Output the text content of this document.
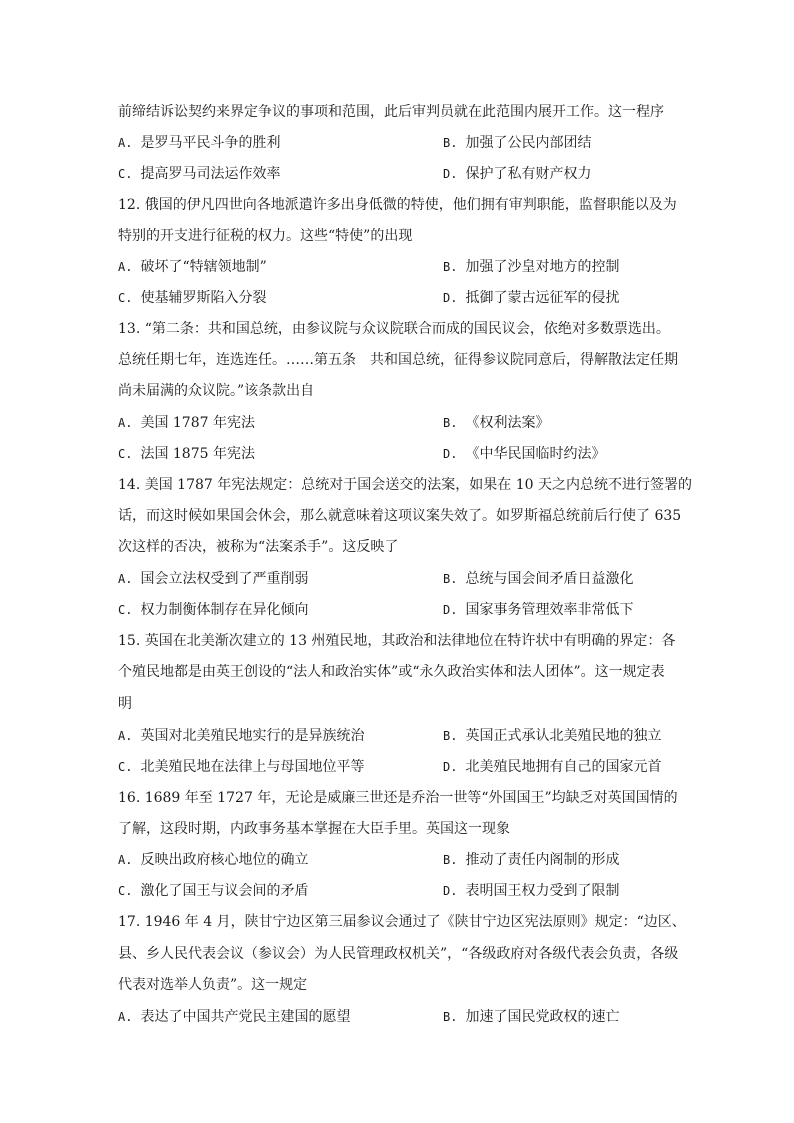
前缔结诉讼契约来界定争议的事项和范围，此后审判员就在此范围内展开工作。这一程序
A. 是罗马平民斗争的胜利	B. 加强了公民内部团结
C. 提高罗马司法运作效率	D. 保护了私有财产权力
12. 俄国的伊凡四世向各地派遣许多出身低微的特使，他们拥有审判职能，监督职能以及为
特别的开支进行征税的权力。这些“特使”的出现
A. 破坏了“特辖领地制”	B. 加强了沙皇对地方的控制
C. 使基辅罗斯陷入分裂	D. 抵御了蒙古远征军的侵扰
13. “第二条：共和国总统，由参议院与众议院联合而成的国民议会，依绝对多数票选出。
总统任期七年，连选连任。……第五条　共和国总统，征得参议院同意后，得解散法定任期
尚未届满的众议院。”该条款出自
A. 美国 1787 年宪法	B. 《权利法案》
C. 法国 1875 年宪法	D. 《中华民国临时约法》
14. 美国 1787 年宪法规定：总统对于国会送交的法案，如果在 10 天之内总统不进行签署的
话，而这时候如果国会休会，那么就意味着这项议案失效了。如罗斯福总统前后行使了 635
次这样的否决，被称为“法案杀手”。这反映了
A. 国会立法权受到了严重削弱	B. 总统与国会间矛盾日益激化
C. 权力制衡体制存在异化倾向	D. 国家事务管理效率非常低下
15. 英国在北美渐次建立的 13 州殖民地，其政治和法律地位在特许状中有明确的界定：各
个殖民地都是由英王创设的“法人和政治实体”或“永久政治实体和法人团体”。这一规定表
明
A. 英国对北美殖民地实行的是异族统治	B. 英国正式承认北美殖民地的独立
C. 北美殖民地在法律上与母国地位平等	D. 北美殖民地拥有自己的国家元首
16. 1689 年至 1727 年，无论是威廉三世还是乔治一世等“外国国王”均缺乏对英国国情的
了解，这段时期，内政事务基本掌握在大臣手里。英国这一现象
A. 反映出政府核心地位的确立	B. 推动了责任内阁制的形成
C. 激化了国王与议会间的矛盾	D. 表明国王权力受到了限制
17. 1946 年 4 月，陕甘宁边区第三届参议会通过了《陕甘宁边区宪法原则》规定：“边区、
县、乡人民代表会议（参议会）为人民管理政权机关”，“各级政府对各级代表会负责，各级
代表对选举人负责”。这一规定
A. 表达了中国共产党民主建国的愿望	B. 加速了国民党政权的速亡
